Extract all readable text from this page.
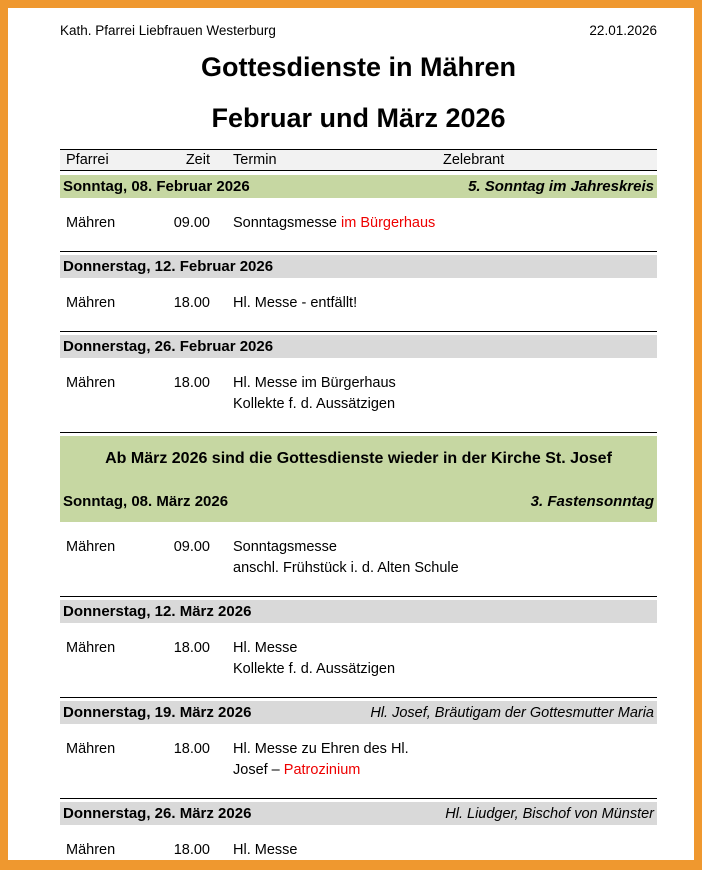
Kath. Pfarrei Liebfrauen Westerburg	22.01.2026
Gottesdienste in Mähren
Februar und März 2026
Pfarrei	Zeit Termin	Zelebrant
Sonntag, 08. Februar 2026	5. Sonntag im Jahreskreis
Mähren	09.00 Sonntagsmesse im Bürgerhaus
Donnerstag, 12. Februar 2026
Mähren	18.00 Hl. Messe - entfällt!
Donnerstag, 26. Februar 2026
Mähren	18.00 Hl. Messe im Bürgerhaus
Kollekte f. d. Aussätzigen
Ab März 2026 sind die Gottesdienste wieder in der Kirche St. Josef
Sonntag, 08. März 2026	3. Fastensonntag
Mähren	09.00 Sonntagsmesse
anschl. Frühstück i. d. Alten Schule
Donnerstag, 12. März 2026
Mähren	18.00 Hl. Messe
Kollekte f. d. Aussätzigen
Donnerstag, 19. März 2026	Hl. Josef, Bräutigam der Gottesmutter Maria
Mähren	18.00 Hl. Messe zu Ehren des Hl.
Josef – Patrozinium
Donnerstag, 26. März 2026	Hl. Liudger, Bischof von Münster
Mähren	18.00 Hl. Messe
